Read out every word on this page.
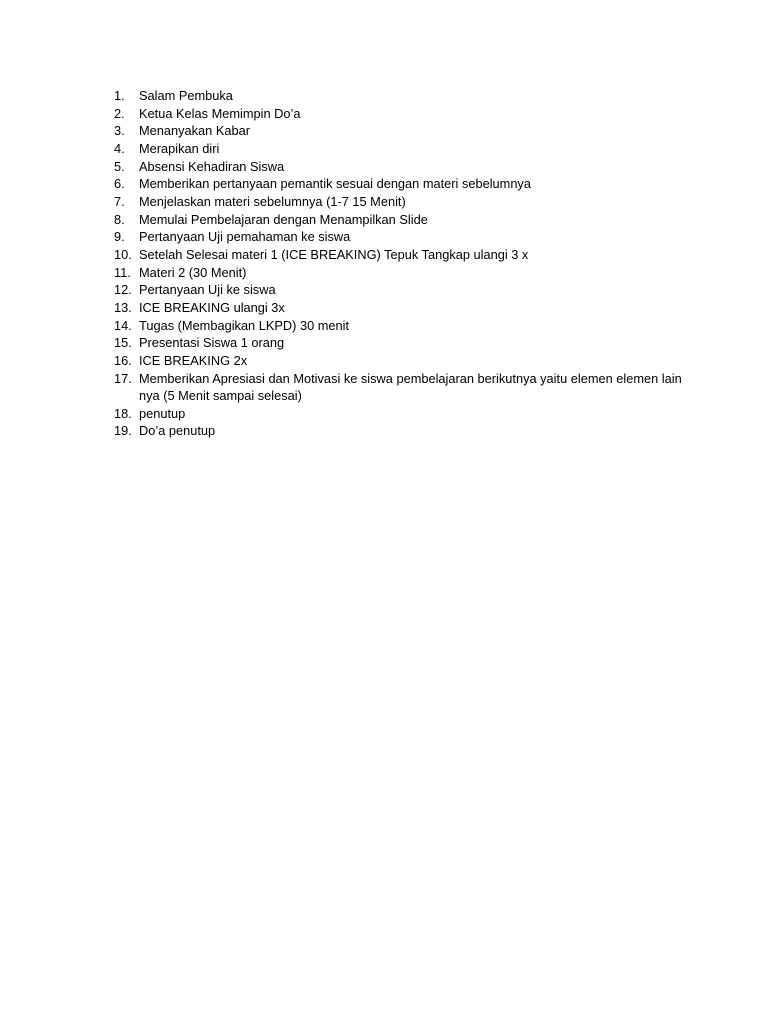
1.	Salam Pembuka
2.	Ketua Kelas Memimpin Do’a
3.	Menanyakan Kabar
4.	Merapikan diri
5.	Absensi Kehadiran Siswa
6.	Memberikan pertanyaan pemantik sesuai dengan materi sebelumnya
7.	Menjelaskan materi sebelumnya (1-7 15 Menit)
8.	Memulai Pembelajaran dengan Menampilkan Slide
9.	Pertanyaan Uji pemahaman ke siswa
10. Setelah Selesai materi 1 (ICE BREAKING) Tepuk Tangkap ulangi 3 x
11. Materi 2 (30 Menit)
12. Pertanyaan Uji ke siswa
13. ICE BREAKING ulangi 3x
14. Tugas (Membagikan LKPD) 30 menit
15. Presentasi Siswa 1 orang
16. ICE BREAKING 2x
17. Memberikan Apresiasi dan Motivasi ke siswa pembelajaran berikutnya yaitu elemen elemen lain nya (5 Menit sampai selesai)
18. penutup
19. Do’a penutup
